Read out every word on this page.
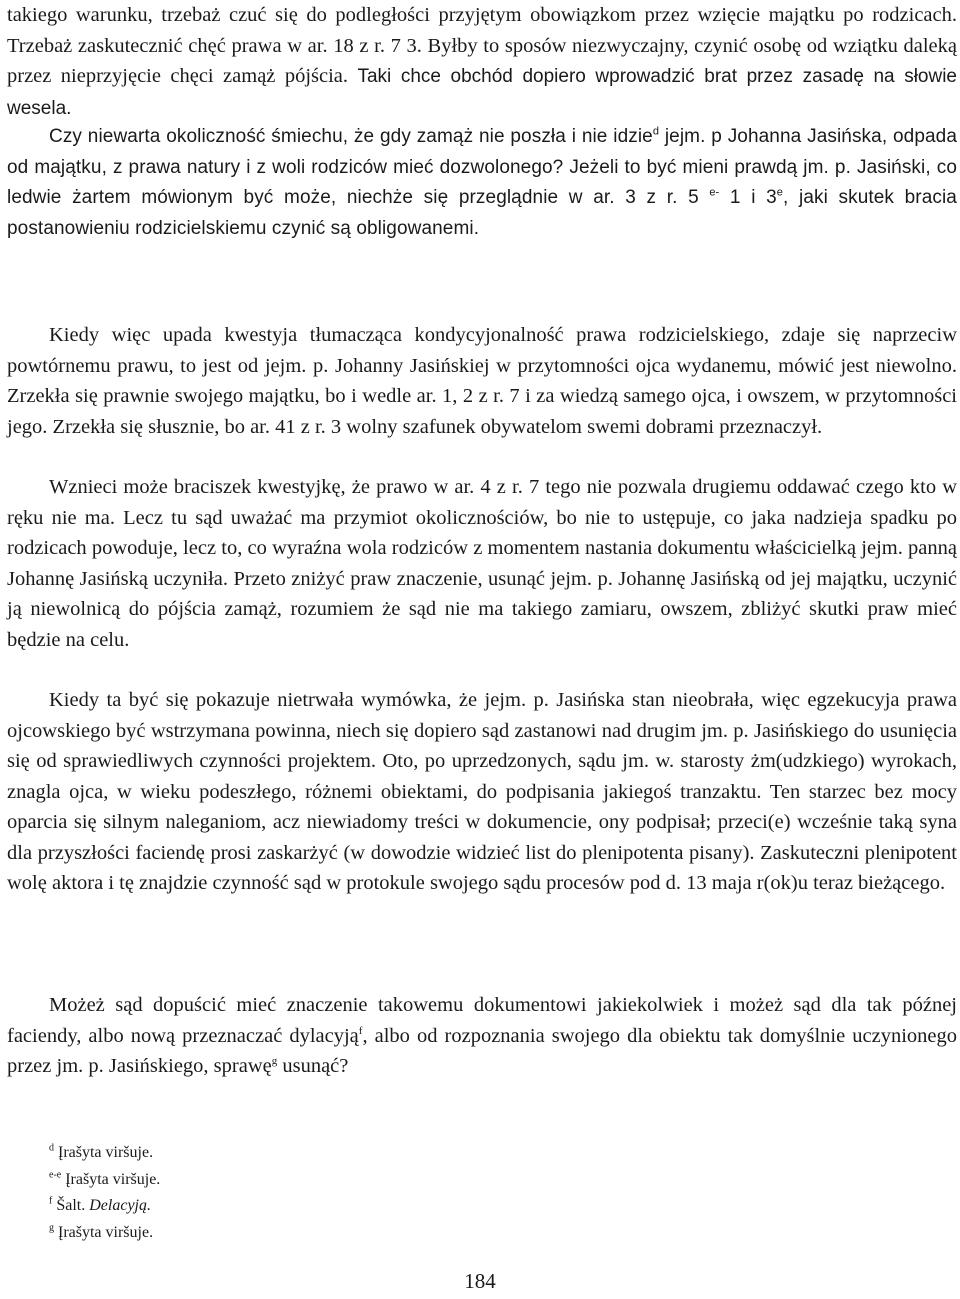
takiego warunku, trzebaż czuć się do podległości przyjętym obowiązkom przez wzięcie majątku po rodzicach. Trzebaż zaskutecznić chęć prawa w ar. 18 z r. 7 3. Byłby to sposów niezwyczajny, czynić osobę od wziątku daleką przez nieprzyjęcie chęci zamąż pójścia. Taki chce obchód dopiero wprowadzić brat przez zasadę na słowie wesela.

Czy niewarta okoliczność śmiechu, że gdy zamąż nie poszła i nie idzie$^d$ jejm. p Johanna Jasińska, odpada od majątku, z prawa natury i z woli rodziców mieć dozwolonego? Jeżeli to być mieni prawdą jm. p. Jasiński, co ledwie żartem mówionym być może, niechże się przeglądnie w ar. 3 z r. 5 $^{e-}$ 1 i 3e, jaki skutek bracia postanowieniu rodzicielskiemu czynić są obligowanemi.

Kiedy więc upada kwestyja tłumacząca kondycyjonalność prawa rodzicielskiego, zdaje się naprzeciw powtórnemu prawu, to jest od jejm. p. Johanny Jasińskiej w przytomności ojca wydanemu, mówić jest niewolno. Zrzekła się prawnie swojego majątku, bo i wedle ar. 1, 2 z r. 7 i za wiedzą samego ojca, i owszem, w przytomności jego. Zrzekła się słusznie, bo ar. 41 z r. 3 wolny szafunek obywatelom swemi dobrami przeznaczył.

Wznieci może braciszek kwestyjkę, że prawo w ar. 4 z r. 7 tego nie pozwala drugiemu oddawać czego kto w ręku nie ma. Lecz tu sąd uważać ma przymiot okolicznościów, bo nie to ustępuje, co jaka nadzieja spadku po rodzicach powoduje, lecz to, co wyraźna wola rodziców z momentem nastania dokumentu właścicielką jejm. panną Johannę Jasińską uczyniła. Przeto zniżyć praw znaczenie, usunąć jejm. p. Johannę Jasińską od jej majątku, uczynić ją niewolnicą do pójścia zamąż, rozumiem że sąd nie ma takiego zamiaru, owszem, zbliżyć skutki praw mieć będzie na celu.

Kiedy ta być się pokazuje nietrwała wymówka, że jejm. p. Jasińska stan nieobrała, więc egzekucyja prawa ojcowskiego być wstrzymana powinna, niech się dopiero sąd zastanowi nad drugim jm. p. Jasińskiego do usunięcia się od sprawiedliwych czynności projektem. Oto, po uprzedzonych, sądu jm. w. starosty żm(udzkiego) wyrokach, znagla ojca, w wieku podeszłego, różnemi obiektami, do podpisania jakiegoś tranzaktu. Ten starzec bez mocy oparcia się silnym naleganiom, acz niewiadomy treści w dokumencie, ony podpisał; przeci(e) wcześnie taką syna dla przyszłości faciendę prosi zaskarżyć (w dowodzie widzieć list do plenipotenta pisany). Zaskuteczni plenipotent wolę aktora i tę znajdzie czynność sąd w protokule swojego sądu procesów pod d. 13 maja r(ok)u teraz bieżącego.

Możeż sąd dopuścić mieć znaczenie takowemu dokumentowi jakiekolwiek i możeż sąd dla tak późnej faciendy, albo nową przeznaczać dylacyją$^f$, albo od rozpoznania swojego dla obiektu tak domyślnie uczynionego przez jm. p. Jasińskiego, sprawę$^g$ usunąć?

$^d$ Įrašyta viršuje.
$^{e-e}$ Įrašyta viršuje.
$^f$ Šalt. Delacyją.
$^g$ Įrašyta viršuje.
184
